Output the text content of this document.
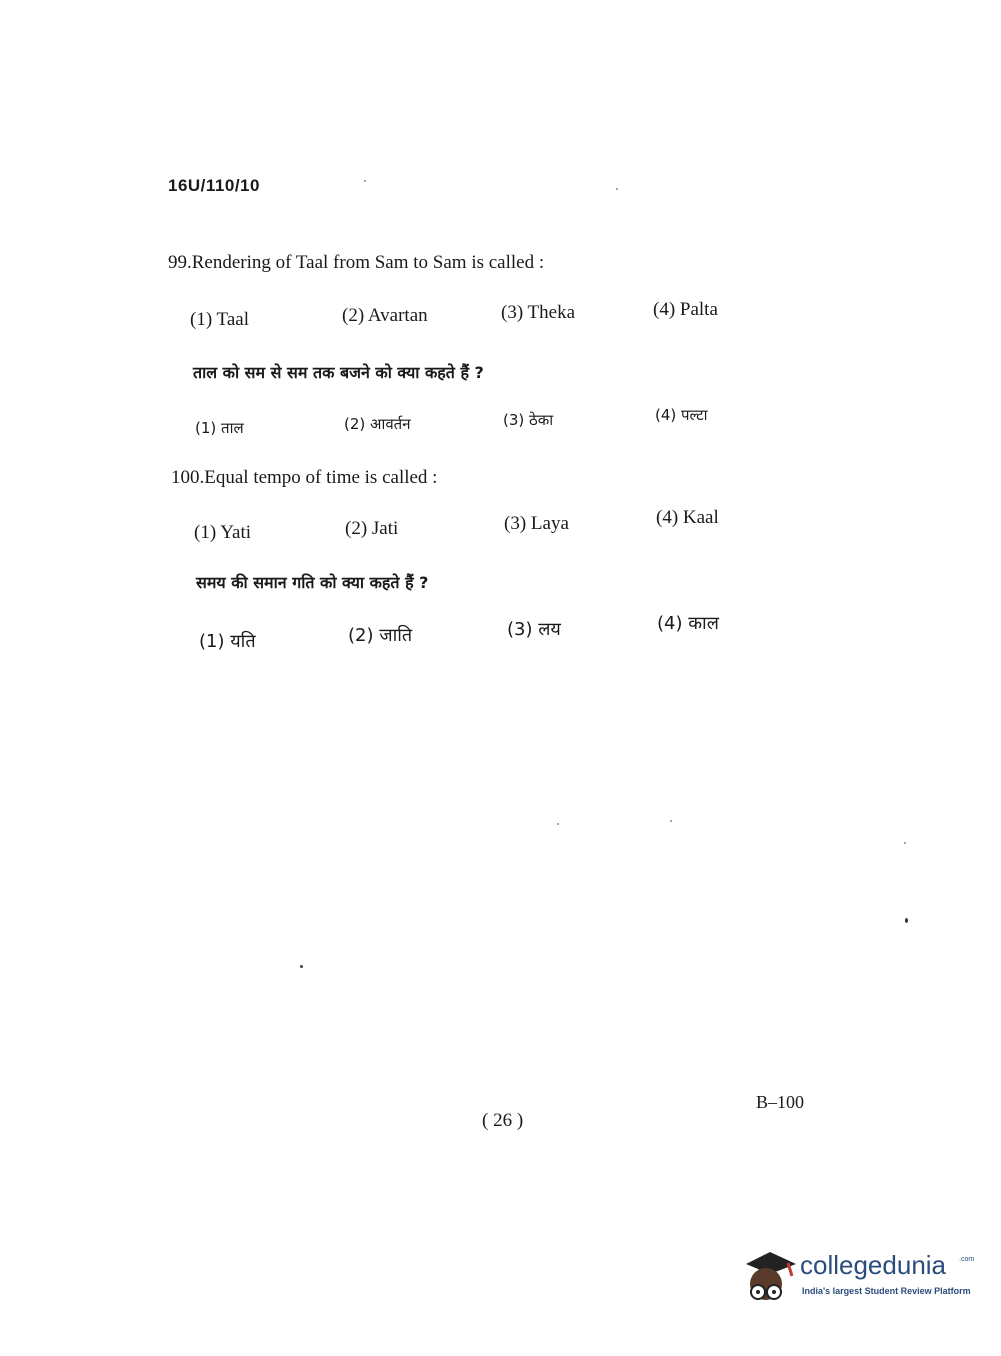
16U/110/10
99.Rendering of Taal from Sam to Sam is called :
(1) Taal	(2) Avartan	(3) Theka	(4) Palta
ताल को सम से सम तक बजने को क्या कहते हैं ?
(1) ताल	(2) आवर्तन	(3) ठेका	(4) पल्टा
100.Equal tempo of time is called :
(1) Yati	(2) Jati	(3) Laya	(4) Kaal
समय की समान गति को क्या कहते हैं ?
(1) यति	(2) जाति	(3) लय	(4) काल
( 26 )
B–100
collegedunia .com
India's largest Student Review Platform
